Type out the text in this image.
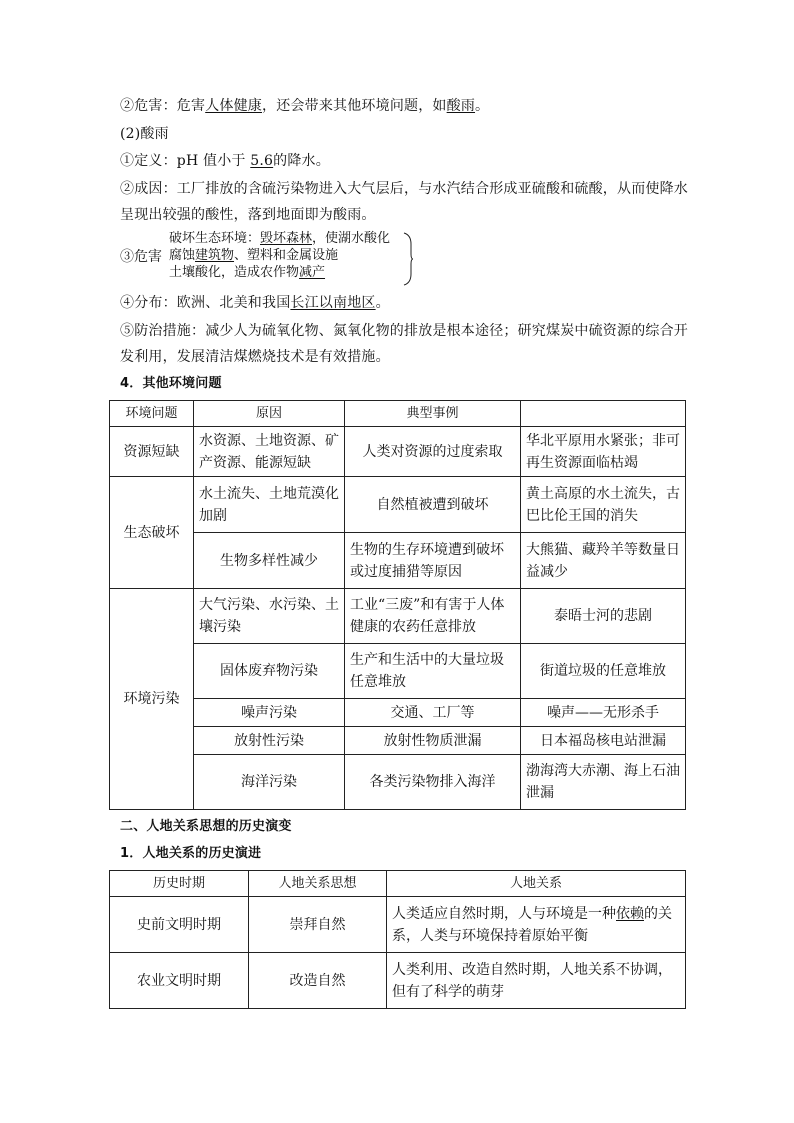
②危害：危害人体健康，还会带来其他环境问题，如酸雨。
(2)酸雨
①定义：pH 值小于 5.6的降水。
②成因：工厂排放的含硫污染物进入大气层后，与水汽结合形成亚硫酸和硫酸，从而使降水
呈现出较强的酸性，落到地面即为酸雨。
③危害
破坏生态环境：毁坏森林，使湖水酸化
腐蚀建筑物、塑料和金属设施
土壤酸化，造成农作物减产
④分布：欧洲、北美和我国长江以南地区。
⑤防治措施：减少人为硫氧化物、氮氧化物的排放是根本途径；研究煤炭中硫资源的综合开
发利用，发展清洁煤燃烧技术是有效措施。
4．其他环境问题
环境问题	原因	典型事例	
资源短缺	水资源、土地资源、矿产资源、能源短缺	人类对资源的过度索取	华北平原用水紧张；非可再生资源面临枯竭
生态破坏	水土流失、土地荒漠化加剧	自然植被遭到破坏	黄土高原的水土流失，古巴比伦王国的消失
	生物多样性减少	生物的生存环境遭到破坏或过度捕猎等原因	大熊猫、藏羚羊等数量日益减少
环境污染	大气污染、水污染、土壤污染	工业“三废”和有害于人体健康的农药任意排放	泰晤士河的悲剧
	固体废弃物污染	生产和生活中的大量垃圾任意堆放	街道垃圾的任意堆放
	噪声污染	交通、工厂等	噪声——无形杀手
	放射性污染	放射性物质泄漏	日本福岛核电站泄漏
	海洋污染	各类污染物排入海洋	渤海湾大赤潮、海上石油泄漏
二、人地关系思想的历史演变
1．人地关系的历史演进
历史时期	人地关系思想	人地关系
史前文明时期	崇拜自然	人类适应自然时期，人与环境是一种依赖的关系，人类与环境保持着原始平衡
农业文明时期	改造自然	人类利用、改造自然时期，人地关系不协调，但有了科学的萌芽
